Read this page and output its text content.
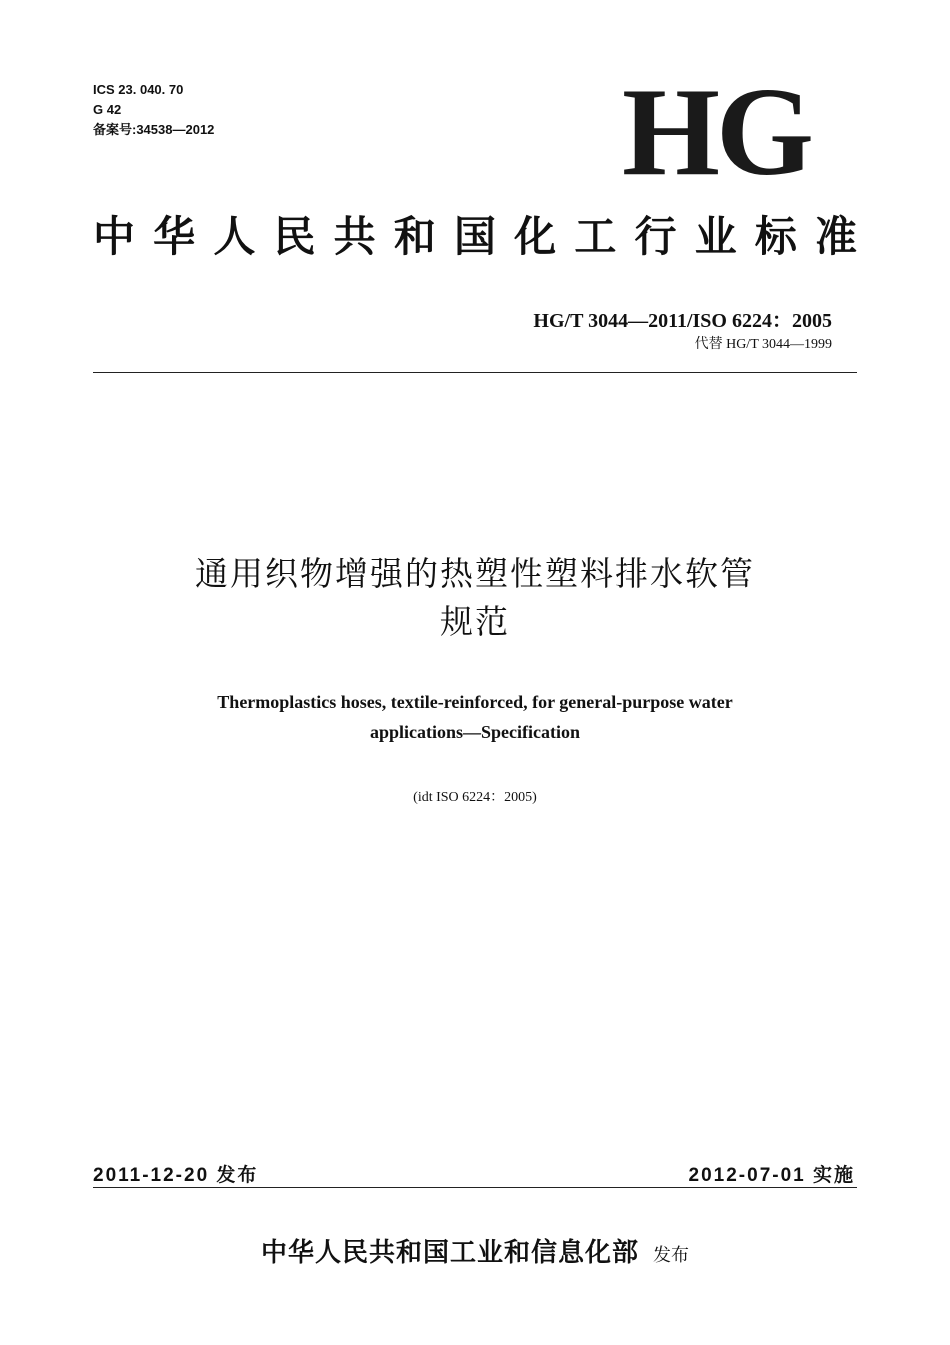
ICS 23. 040. 70
G 42
备案号:34538—2012	HG
中华人民共和国化工行业标准
HG/T 3044—2011/ISO 6224：2005
代替 HG/T 3044—1999
通用织物增强的热塑性塑料排水软管
规范
Thermoplastics hoses, textile-reinforced, for general-purpose water
applications—Specification
(idt ISO 6224：2005)
2011-12-20 发布	2012-07-01 实施
中华人民共和国工业和信息化部 发布
